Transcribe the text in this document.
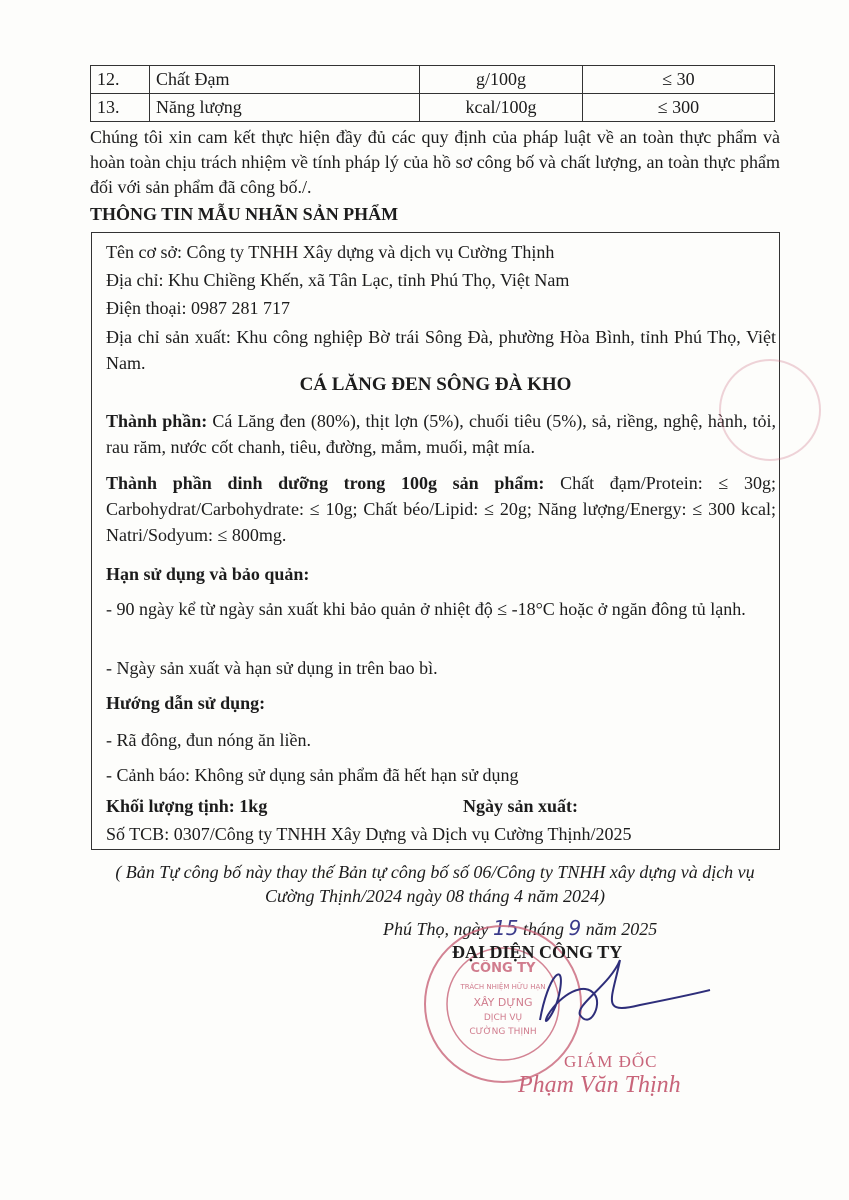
12.	Chất Đạm	g/100g	≤ 30
13.	Năng lượng	kcal/100g	≤ 300
Chúng tôi xin cam kết thực hiện đầy đủ các quy định của pháp luật về an toàn thực phẩm và hoàn toàn chịu trách nhiệm về tính pháp lý của hồ sơ công bố và chất lượng, an toàn thực phẩm đối với sản phẩm đã công bố./.
THÔNG TIN MẪU NHÃN SẢN PHẨM
Tên cơ sở: Công ty TNHH Xây dựng và dịch vụ Cường Thịnh
Địa chỉ: Khu Chiềng Khến, xã Tân Lạc, tỉnh Phú Thọ, Việt Nam
Điện thoại: 0987 281 717
Địa chỉ sản xuất: Khu công nghiệp Bờ trái Sông Đà, phường Hòa Bình, tỉnh Phú Thọ, Việt Nam.
CÁ LĂNG ĐEN SÔNG ĐÀ KHO
Thành phần: Cá Lăng đen (80%), thịt lợn (5%), chuối tiêu (5%), sả, riềng, nghệ, hành, tỏi, rau răm, nước cốt chanh, tiêu, đường, mắm, muối, mật mía.
Thành phần dinh dưỡng trong 100g sản phẩm: Chất đạm/Protein: ≤ 30g; Carbohydrat/Carbohydrate: ≤ 10g; Chất béo/Lipid: ≤ 20g; Năng lượng/Energy: ≤ 300 kcal; Natri/Sodyum: ≤ 800mg.
Hạn sử dụng và bảo quản:
- 90 ngày kể từ ngày sản xuất khi bảo quản ở nhiệt độ ≤ -18°C hoặc ở ngăn đông tủ lạnh.
- Ngày sản xuất và hạn sử dụng in trên bao bì.
Hướng dẫn sử dụng:
- Rã đông, đun nóng ăn liền.
- Cảnh báo: Không sử dụng sản phẩm đã hết hạn sử dụng
Khối lượng tịnh: 1kg	Ngày sản xuất:
Số TCB: 0307/Công ty TNHH Xây Dựng và Dịch vụ Cường Thịnh/2025
( Bản Tự công bố này thay thế Bản tự công bố số 06/Công ty TNHH xây dựng và dịch vụ Cường Thịnh/2024 ngày 08 tháng 4 năm 2024)
Phú Thọ, ngày 15 tháng 9 năm 2025
CÔNG TY
TRÁCH NHIỆM HỮU HẠN
XÂY DỰNG
DỊCH VỤ
CƯỜNG THỊNH
ĐẠI DIỆN CÔNG TY
GIÁM ĐỐC
Phạm Văn Thịnh
